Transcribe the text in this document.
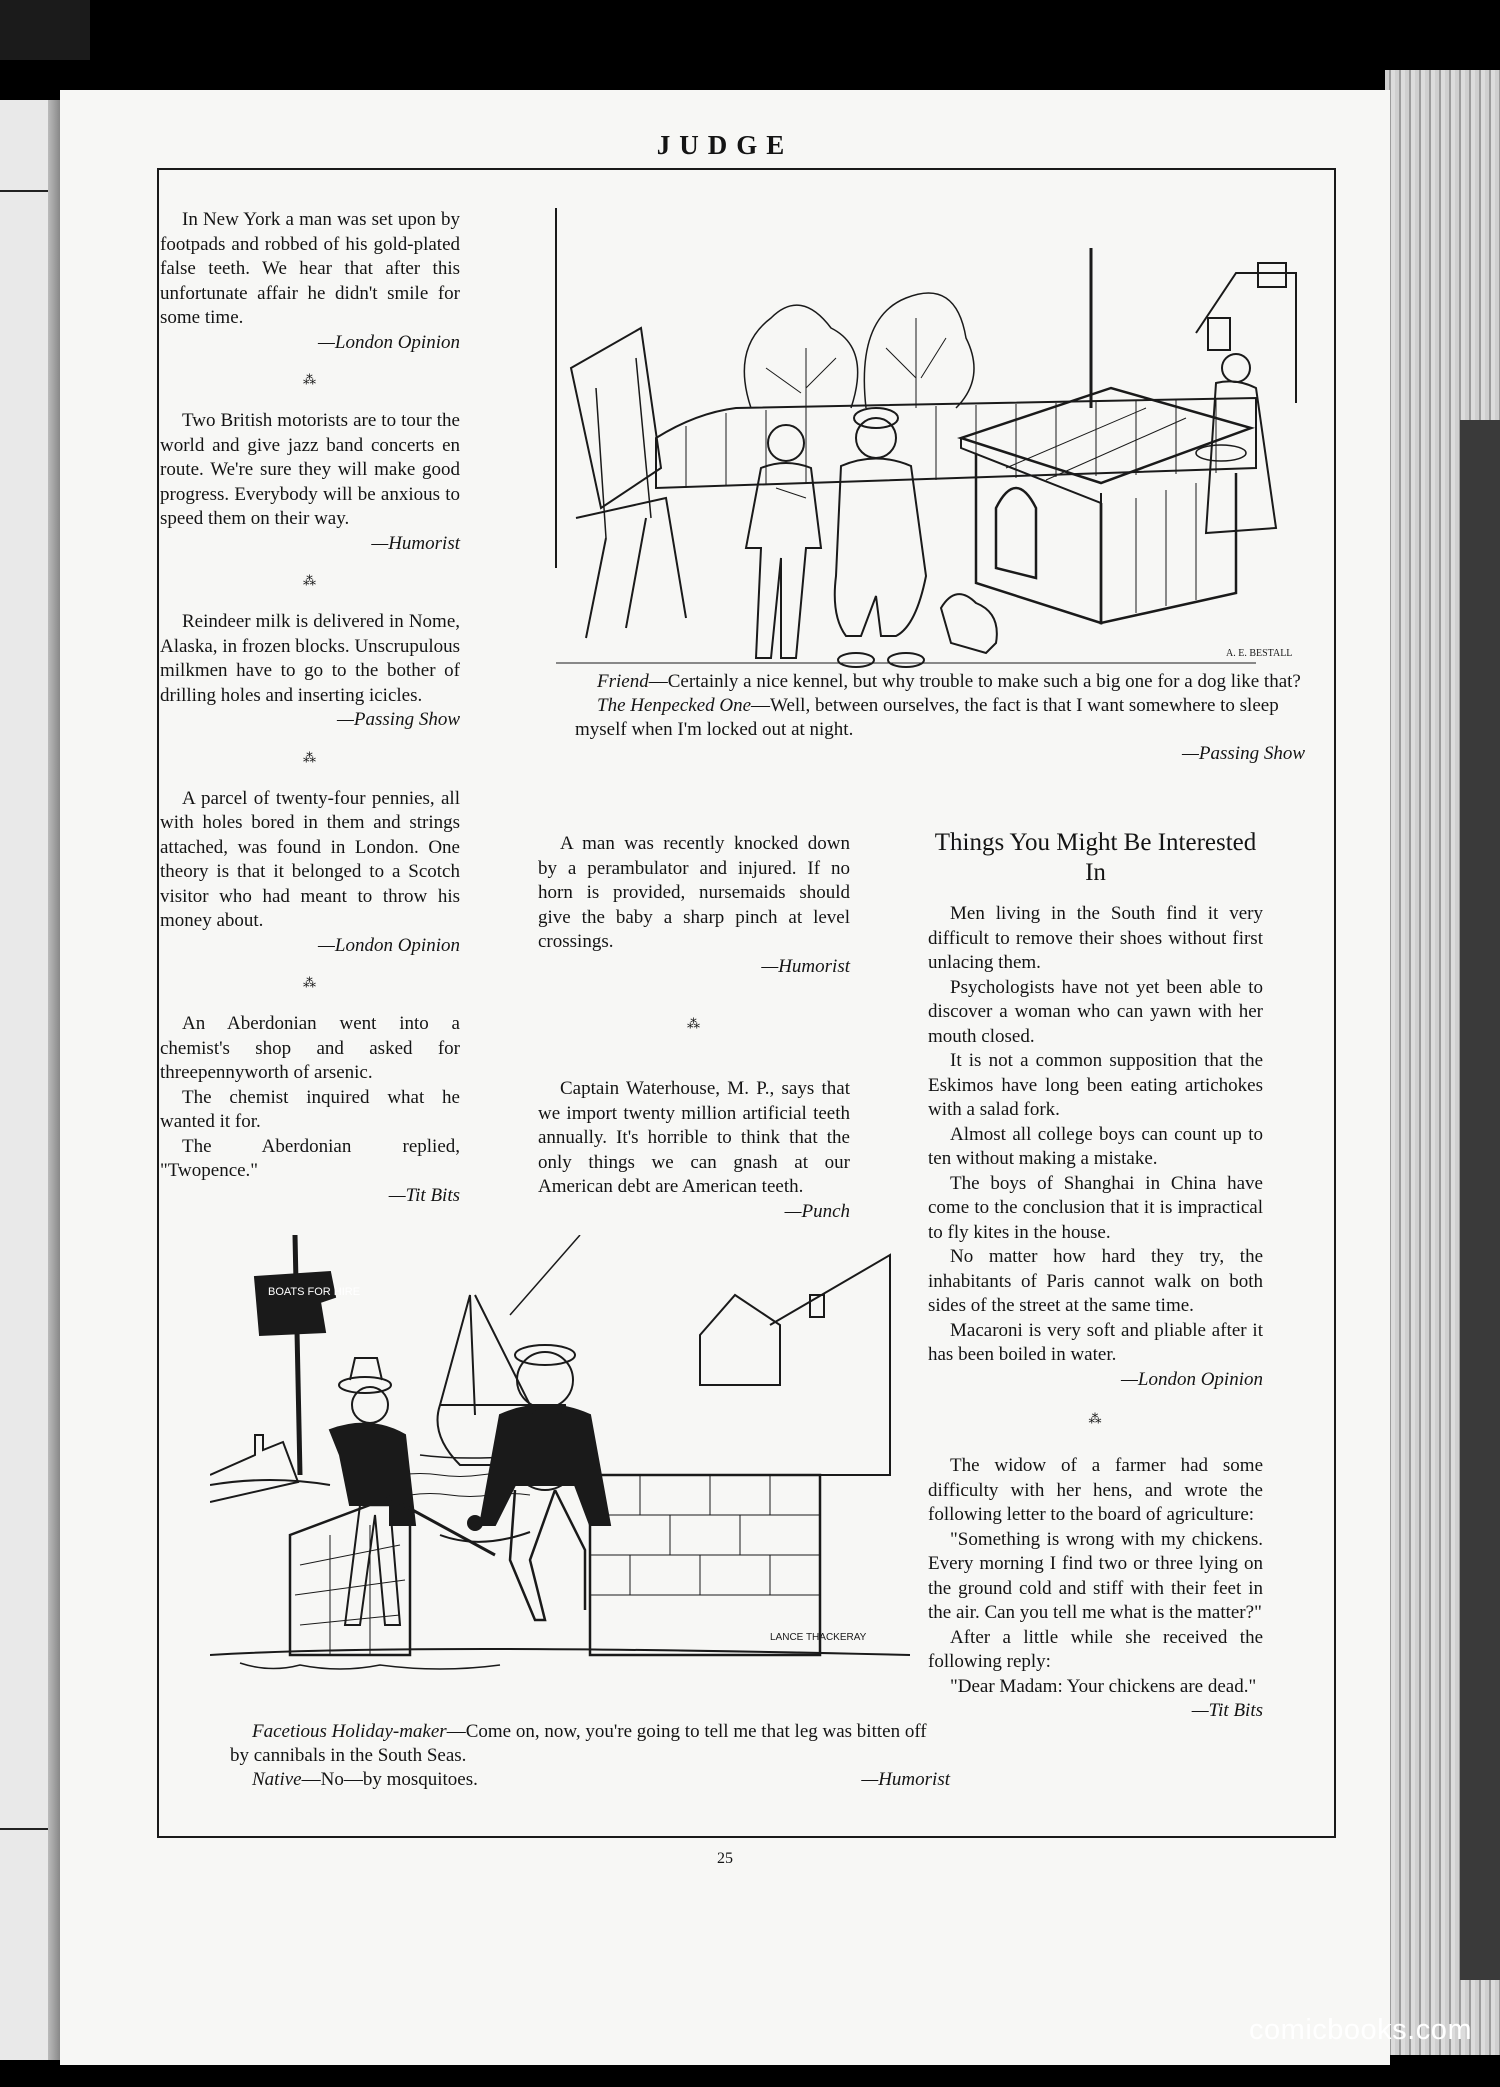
JUDGE

In New York a man was set upon by footpads and robbed of his gold-plated false teeth. We hear that after this unfortunate affair he didn't smile for some time.

—London Opinion
⁂

Two British motorists are to tour the world and give jazz band concerts en route. We're sure they will make good progress. Everybody will be anxious to speed them on their way.

—Humorist
⁂

Reindeer milk is delivered in Nome, Alaska, in frozen blocks. Unscrupulous milkmen have to go to the bother of drilling holes and inserting icicles.

—Passing Show
⁂

A parcel of twenty-four pennies, all with holes bored in them and strings attached, was found in London. One theory is that it belonged to a Scotch visitor who had meant to throw his money about.

—London Opinion
⁂

An Aberdonian went into a chemist's shop and asked for threepennyworth of arsenic.

The chemist inquired what he wanted it for.

The Aberdonian replied, "Twopence."

—Tit Bits
A. E. BESTALL

Friend—Certainly a nice kennel, but why trouble to make such a big one for a dog like that?

The Henpecked One—Well, between ourselves, the fact is that I want somewhere to sleep myself when I'm locked out at night.

—Passing Show

A man was recently knocked down by a perambulator and injured. If no horn is provided, nursemaids should give the baby a sharp pinch at level crossings.

—Humorist
⁂

Captain Waterhouse, M. P., says that we import twenty million artificial teeth annually. It's horrible to think that the only things we can gnash at our American debt are American teeth.

—Punch
Things You Might Be Interested In

Men living in the South find it very difficult to remove their shoes without first unlacing them.

Psychologists have not yet been able to discover a woman who can yawn with her mouth closed.

It is not a common supposition that the Eskimos have long been eating artichokes with a salad fork.

Almost all college boys can count up to ten without making a mistake.

The boys of Shanghai in China have come to the conclusion that it is impractical to fly kites in the house.

No matter how hard they try, the inhabitants of Paris cannot walk on both sides of the street at the same time.

Macaroni is very soft and pliable after it has been boiled in water.

—London Opinion
⁂

The widow of a farmer had some difficulty with her hens, and wrote the following letter to the board of agriculture:

"Something is wrong with my chickens. Every morning I find two or three lying on the ground cold and stiff with their feet in the air. Can you tell me what is the matter?"

After a little while she received the following reply:

"Dear Madam: Your chickens are dead."

—Tit Bits
BOATS FOR HIRE
LANCE THACKERAY

Facetious Holiday-maker—Come on, now, you're going to tell me that leg was bitten off by cannibals in the South Seas.

Native—No—by mosquitoes.	—Humorist

25
comicbooks.com
